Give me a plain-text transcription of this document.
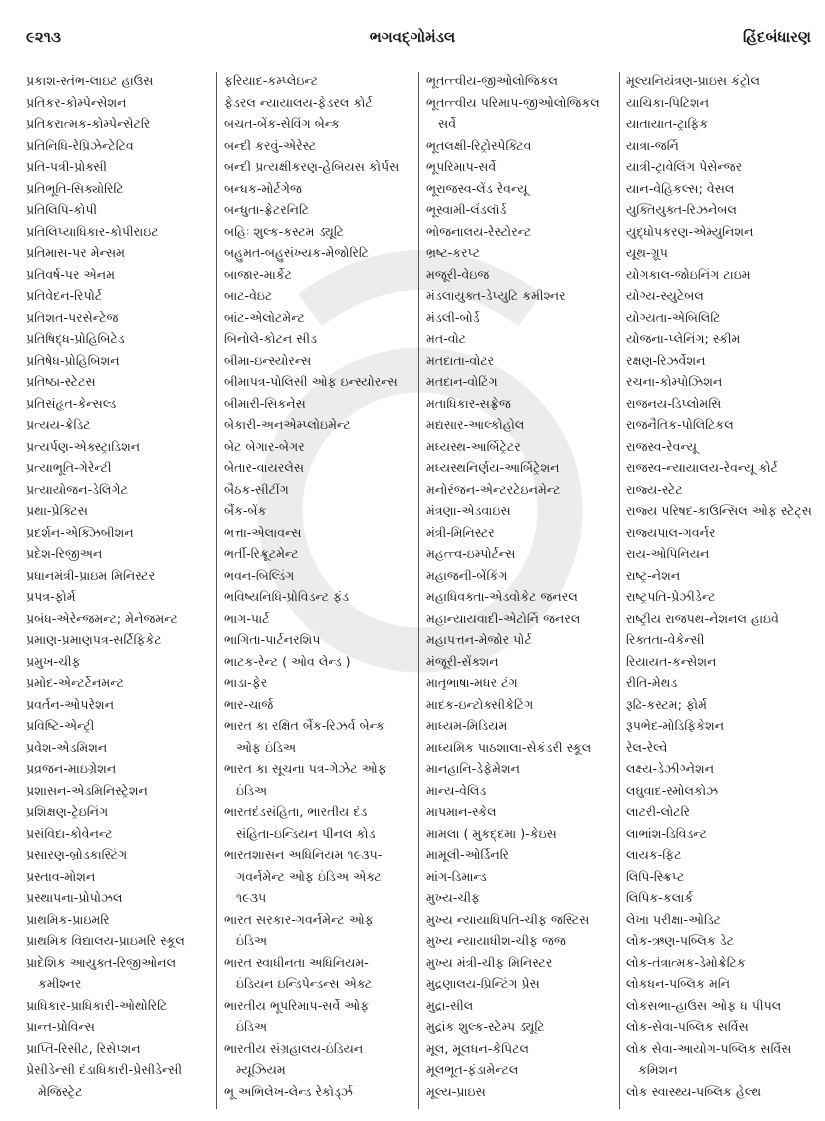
૯૨૧૩	ભગવદ્ગોમંડલ	હિંદબંધારણ
પ્રકાશ-સ્તંભ-લાઇટ હાઉસ
પ્રતિકર-કોમ્પેન્સેશન
પ્રતિકરાત્મક-કોમ્પેન્સેટરિ
પ્રતિનિધિ-રેપ્રિઝેન્ટેટિવ
પ્રતિ-પત્રી-પ્રોક્સી
પ્રતિભૂતિ-સિક્યોરિટિ
પ્રતિલિપિ-કોપી
પ્રતિલિપ્યાધિકાર-કોપીરાઇટ
પ્રતિમાસ-પર મેન્સમ
પ્રતિવર્ષ-પર એનમ
પ્રતિવેદન-રિપોર્ટ
પ્રતિશત-પરસેન્ટેજ
પ્રતિષિદ્ધ-પ્રોહિબિટેડ
પ્રતિષેધ-પ્રોહિબિશન
પ્રતિષ્ઠા-સ્ટેટસ
પ્રતિસંહૃત-કેન્સલ્ડ
પ્રત્યય-ક્રેડિટ
પ્રત્યર્પણ-એક્સ્ટ્રાડિશન
પ્રત્યાભૂતિ-ગેરેન્ટી
પ્રત્યાયોજન-ડેલિગેટ
પ્રથા-પ્રેક્ટિસ
પ્રદર્શન-એક્ઝિબીશન
પ્રદેશ-રિજીઅન
પ્રધાનમંત્રી-પ્રાઇમ મિનિસ્ટર
પ્રપત્ર-ફોર્મ
પ્રબંધ-એરેન્જમન્ટ; મેનેજમન્ટ
પ્રમાણ-પ્રમાણપત્ર-સર્ટિફિકેટ
પ્રમુખ-ચીફ
પ્રમોદ-એન્ટર્ટેનમન્ટ
પ્રવર્તન-ઓપરેશન
પ્રવિષ્ટિ-એન્ટ્રી
પ્રવેશ-એડમિશન
પ્રવ્રજન-માઇગ્રેશન
પ્રશાસન-એડમિનિસ્ટ્રેશન
પ્રશિક્ષણ-ટ્રેઇનિંગ
પ્રસંવિદા-કોવેનન્ટ
પ્રસારણ-બ્રોડકાસ્ટિંગ
પ્રસ્તાવ-મોશન
પ્રસ્થાપના-પ્રોપોઝલ
પ્રાથમિક-પ્રાઇમરિ
પ્રાથમિક વિદ્યાલય-પ્રાઇમરિ સ્કૂલ
પ્રાદેશિક આયુક્ત-રિજીઓનલ
કમીશ્નર
પ્રાધિકાર-પ્રાધિકારી-ઓથોરિટિ
પ્રાન્ત-પ્રોવિન્સ
પ્રાપ્તિ-રિસીટ, રિસેપ્શન
પ્રેસીડેન્સી દંડાધિકારી-પ્રેસીડેન્સી
મેજિસ્ટ્રેટ
ફરિયાદ-કમ્પ્લેઇન્ટ
ફેડરલ ન્યાયાલય-ફેડરલ કોર્ટ
બચત-બેંક-સેવિંગ બેન્ક
બન્દી કરવું-એરેસ્ટ
બન્દી પ્રત્યક્ષીકરણ-હેબિયસ કોર્પસ
બન્ધક-મોર્ટગેજ
બન્ધુતા-ફ્રેટરનિટિ
બહિઃ શુલ્ક-કસ્ટમ ડ્યૂટિ
બહુમત-બહુસંખ્યક-મેજોરિટિ
બાજાર-માર્કેટ
બાટ-વેઇટ
બાંટ-એલોટમેન્ટ
બિનોલે-કોટન સીડ
બીમા-ઇન્સ્યોરન્સ
બીમાપત્ર-પોલિસી ઓફ ઇન્સ્યોરન્સ
બીમારી-સિકનેસ
બેકારી-અનએમ્પ્લોઇમેન્ટ
બેટ બેગાર-બેગર
બેતાર-વાયરલેસ
બૈઠક-સીટીંગ
બૈંક-બેંક
ભત્તા-એલાવન્સ
ભર્તી-રિક્રૂટમેન્ટ
ભવન-બિલ્ડિંગ
ભવિષ્યનિધિ-પ્રોવિડન્ટ ફંડ
ભાગ-પાર્ટ
ભાગિતા-પાર્ટનરશિપ
ભાટક-રેન્ટ ( ઓવ લેન્ડ )
ભાડા-ફેર
ભાર-ચાર્જ
ભારત કા રક્ષિત બૈંક-રિઝર્વ બેન્ક
ઓફ ઇંડિઅ
ભારત કા સૂચના પત્ર-ગેઝેટ ઓફ
ઇંડિઅ
ભારતદંડસંહિતા, ભારતીય દંડ
સંહિતા-ઇન્ડિયન પીનલ કોડ
ભારતશાસન અધિનિયમ ૧૯૩૫-
ગવર્નમેન્ટ ઓફ ઇંડિઅ એક્ટ
૧૯૩૫
ભારત સરકાર-ગવર્નમેન્ટ ઓફ
ઇંડિઅ
ભારત સ્વાધીનતા અધિનિયમ-
ઇંડિયન ઇન્ડિપેન્ડન્સ એક્ટ
ભારતીય ભૂપરિમાપ-સર્વે ઓફ
ઇંડિઅ
ભારતીય સંગ્રહાલય-ઇંડિયન
મ્યૂઝિયમ
ભૂ અભિલેખ-લેન્ડ રેકોર્ડ્ઝ
ભૂતત્ત્વીય-જીઓલોજિકલ
ભૂતત્ત્વીય પરિમાપ-જીઓલોજિકલ
સર્વે
ભૂતલક્ષી-રિટ્રોસ્પેક્ટિવ
ભૂપરિમાપ-સર્વે
ભૂરાજસ્વ-લેંડ રેવન્યૂ
ભૂસ્વામી-લૅંડલૉર્ડ
ભોજનાલય-રેસ્ટોરન્ટ
ભ્રષ્ટ-કરપ્ટ
મજૂરી-વેઇજ
મંડલાયુક્ત-ડેપ્યુટિ કમીશ્નર
મંડલી-બોર્ડ
મત-વોટ
મતદાતા-વોટર
મતદાન-વોટિંગ
મતાધિકાર-સફ્રેજ
મદ્યસાર-આલ્કોહોલ
મધ્યસ્થ-આર્બિટ્રેટર
મધ્યસ્થનિર્ણય-આર્બિટ્રેશન
મનોરંજન-એન્ટરટેઇનમેન્ટ
મંત્રણા-એડવાઇસ
મંત્રી-મિનિસ્ટર
મહત્ત્વ-ઇમ્પોર્ટન્સ
મહાજની-બેંકિંગ
મહાધિવક્તા-એડવોકેટ જનરલ
મહાન્યાયવાદી-એટોર્નિ જનરલ
મહાપત્તન-મેજોર પોર્ટ
મંજૂરી-સેંક્શન
માતૃભાષા-મધર ટંગ
માદક-ઇન્ટોક્સીકેટિંગ
માધ્યમ-મિડિયમ
માધ્યમિક પાઠશાલા-સેકંડરી સ્કૂલ
માનહાનિ-ડેફેમેશન
માન્ય-વેલિડ
માપમાન-સ્કેલ
મામલા ( મુકદ્દમા )-કેઇસ
મામૂલી-ઓર્ડિનરિ
માંગ-ડિમાન્ડ
મુખ્ય-ચીફ
મુખ્ય ન્યાયાધિપતિ-ચીફ જસ્ટિસ
મુખ્ય ન્યાયાધીશ-ચીફ જજ
મુખ્ય મંત્રી-ચીફ મિનિસ્ટર
મુદ્રણાલય-પ્રિન્ટિંગ પ્રેસ
મુદ્રા-સીલ
મુદ્રાંક શુલ્ક-સ્ટેમ્પ ડ્યૂટિ
મૂલ, મૂલધન-કેપિટલ
મૂલભૂત-ફંડામેન્ટલ
મૂલ્ય-પ્રાઇસ
મૂલ્યનિયંત્રણ-પ્રાઇસ કંટ્રોલ
યાચિકા-પિટિશન
યાતાયાત-ટ્રાફિક
યાત્રા-જર્નિ
યાત્રી-ટ્રાવેલિંગ પેસેન્જર
યાન-વેહિકલ્સ; વેસલ
યુક્તિયુક્ત-રિઝનેબલ
યુદ્ધોપકરણ-એમ્યુનિશન
યૂથ-ગ્રૂપ
યોગકાલ-જોઇનિંગ ટાઇમ
યોગ્ય-સ્યુટેબલ
યોગ્યતા-એબિલિટિ
યોજના-પ્લેનિંગ; સ્કીમ
રક્ષણ-રિઝર્વેશન
રચના-કોમ્પોઝિશન
રાજનય-ડિપ્લોમસિ
રાજનૈતિક-પોલિટિકલ
રાજસ્વ-રેવન્યૂ
રાજસ્વ-ન્યાયાલય-રેવન્યૂ કોર્ટ
રાજ્ય-સ્ટેટ
રાજ્ય પરિષદ-કાઉન્સિલ ઓફ સ્ટેટ્સ
રાજ્યપાલ-ગવર્નર
રાય-ઓપિનિયન
રાષ્ટ્ર-નેશન
રાષ્ટ્રપતિ-પ્રેઝીડેન્ટ
રાષ્ટ્રીય રાજપથ-નેશનલ હાઇવે
રિક્તતા-વેકેન્સી
રિયાયત-કન્સેશન
રીતિ-મેથડ
રૂઢિ-કસ્ટમ; ફોર્મ
રૂપભેદ-મોડિફિકેશન
રેલ-રેલ્વે
લક્ષ્ય-ડેઝીગ્નેશન
લઘુવાદ-સ્મોલકોઝ
લાટરી-લોટરિ
લાભાંશ-ડિવિડન્ટ
લાયક-ફિટ
લિપિ-સ્ક્રિપ્ટ
લિપિક-કલાર્ક
લેખા પરીક્ષા-ઓડિટ
લોક-ઋણ-પબ્લિક ડેટ
લોક-તંત્રાત્મક-ડેમોક્રેટિક
લોકધન-પબ્લિક મનિ
લોકસભા-હાઉસ ઓફ ધ પીપલ
લોક-સેવા-પબ્લિક સર્વિસ
લોક સેવા-આયોગ-પબ્લિક સર્વિસ
કમિશન
લોક સ્વાસ્થ્ય-પબ્લિક હેલ્થ
